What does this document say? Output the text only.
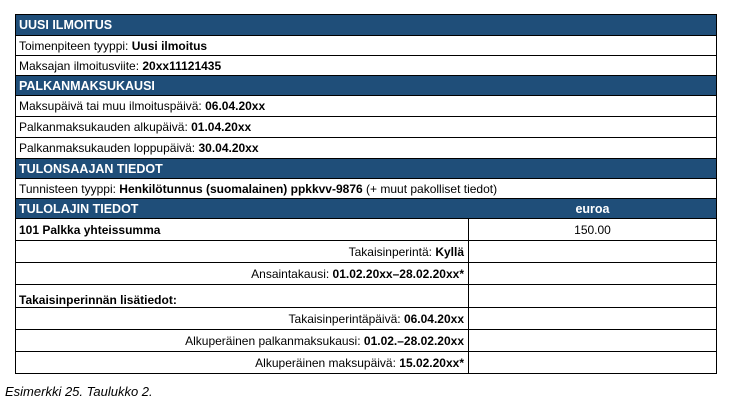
UUSI ILMOITUS
Toimenpiteen tyyppi: Uusi ilmoitus
Maksajan ilmoitusviite: 20xx11121435
PALKANMAKSUKAUSI
Maksupäivä tai muu ilmoituspäivä: 06.04.20xx
Palkanmaksukauden alkupäivä: 01.04.20xx
Palkanmaksukauden loppupäivä: 30.04.20xx
TULONSAAJAN TIEDOT
Tunnisteen tyyppi: Henkilötunnus (suomalainen) ppkkvv-9876 (+ muut pakolliset tiedot)
TULOLAJIN TIEDOT	euroa
101 Palkka yhteissumma	150.00
Takaisinperintä: Kyllä
Ansaintakausi: 01.02.20xx–28.02.20xx*
Takaisinperinnän lisätiedot:
Takaisinperintäpäivä: 06.04.20xx
Alkuperäinen palkanmaksukausi: 01.02.–28.02.20xx
Alkuperäinen maksupäivä: 15.02.20xx*
Esimerkki 25. Taulukko 2.
